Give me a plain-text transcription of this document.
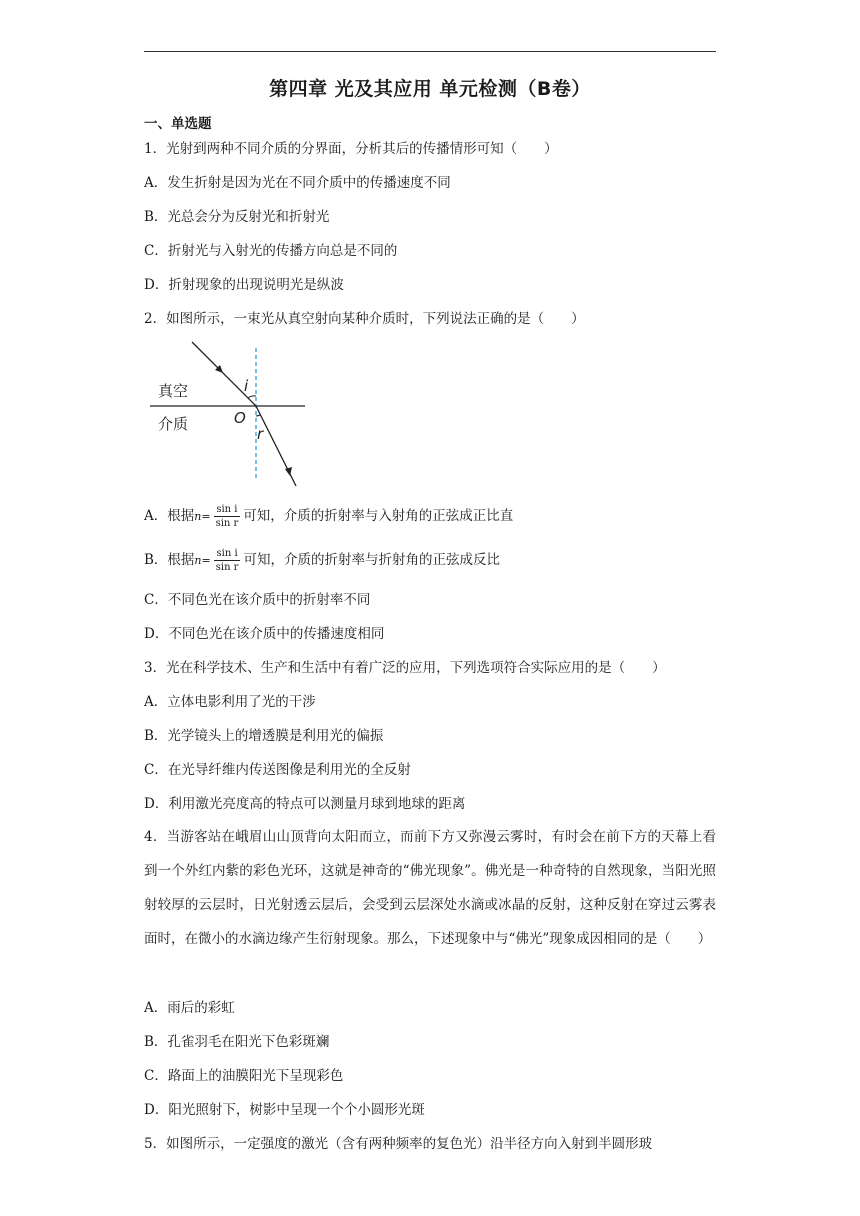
第四章 光及其应用 单元检测（B卷）
一、单选题
1．光射到两种不同介质的分界面，分析其后的传播情形可知（　　）
A．发生折射是因为光在不同介质中的传播速度不同
B．光总会分为反射光和折射光
C．折射光与入射光的传播方向总是不同的
D．折射现象的出现说明光是纵波
2．如图所示，一束光从真空射向某种介质时，下列说法正确的是（　　）
真空
介质	O
i
r
A．根据$n= \frac{\text{sin i}}{\text{sin r}}$ 可知，介质的折射率与入射角的正弦成正比直
B．根据$n= \frac{\text{sin i}}{\text{sin r}}$ 可知，介质的折射率与折射角的正弦成反比
C．不同色光在该介质中的折射率不同
D．不同色光在该介质中的传播速度相同
3．光在科学技术、生产和生活中有着广泛的应用，下列选项符合实际应用的是（　　）
A．立体电影利用了光的干涉
B．光学镜头上的增透膜是利用光的偏振
C．在光导纤维内传送图像是利用光的全反射
D．利用激光亮度高的特点可以测量月球到地球的距离
4．当游客站在峨眉山山顶背向太阳而立，而前下方又弥漫云雾时，有时会在前下方的天幕上看到一个外红内紫的彩色光环，这就是神奇的“佛光现象”。佛光是一种奇特的自然现象，当阳光照射较厚的云层时，日光射透云层后，会受到云层深处水滴或冰晶的反射，这种反射在穿过云雾表面时，在微小的水滴边缘产生衍射现象。那么，下述现象中与“佛光”现象成因相同的是（　　）
A．雨后的彩虹
B．孔雀羽毛在阳光下色彩斑斓
C．路面上的油膜阳光下呈现彩色
D．阳光照射下，树影中呈现一个个小圆形光斑
5．如图所示，一定强度的激光（含有两种频率的复色光）沿半径方向入射到半圆形玻
